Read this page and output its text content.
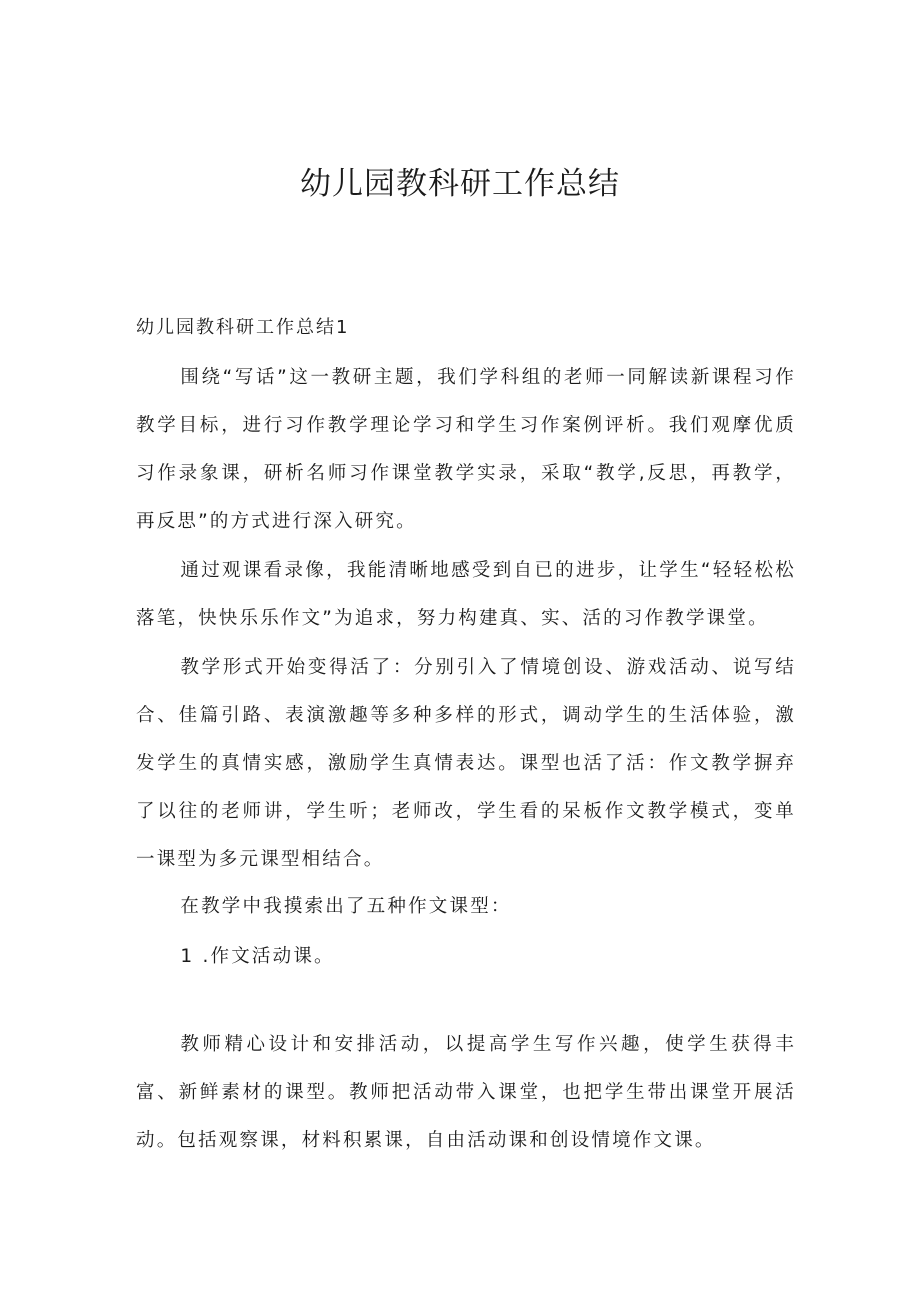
幼儿园教科研工作总结

幼儿园教科研工作总结1

围绕“写话”这一教研主题，我们学科组的老师一同解读新课程习作教学目标，进行习作教学理论学习和学生习作案例评析。我们观摩优质习作录象课，研析名师习作课堂教学实录，采取“教学,反思，再教学，再反思”的方式进行深入研究。

通过观课看录像，我能清晰地感受到自已的进步，让学生“轻轻松松落笔，快快乐乐作文”为追求，努力构建真、实、活的习作教学课堂。

教学形式开始变得活了：分别引入了情境创设、游戏活动、说写结合、佳篇引路、表演激趣等多种多样的形式，调动学生的生活体验，激发学生的真情实感，激励学生真情表达。课型也活了活：作文教学摒弃了以往的老师讲，学生听；老师改，学生看的呆板作文教学模式，变单一课型为多元课型相结合。

在教学中我摸索出了五种作文课型：

1 .作文活动课。

教师精心设计和安排活动，以提高学生写作兴趣，使学生获得丰富、新鲜素材的课型。教师把活动带入课堂，也把学生带出课堂开展活动。包括观察课，材料积累课，自由活动课和创设情境作文课。
